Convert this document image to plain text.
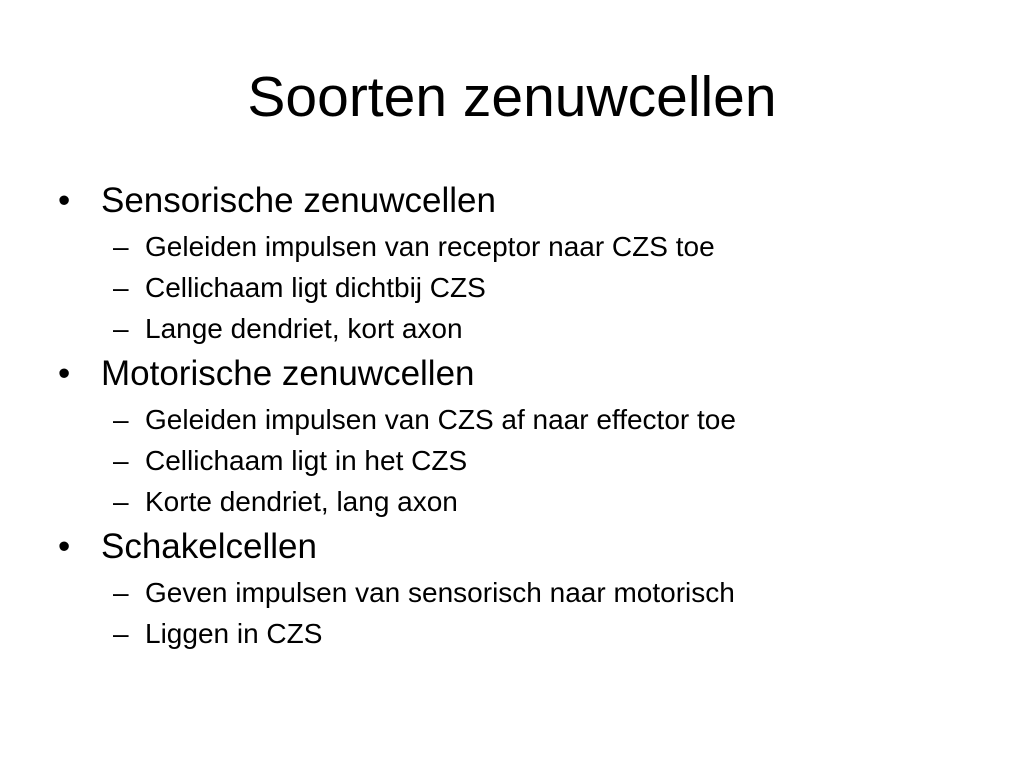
Soorten zenuwcellen
• Sensorische zenuwcellen
– Geleiden impulsen van receptor naar CZS toe
– Cellichaam ligt dichtbij CZS
– Lange dendriet, kort axon
• Motorische zenuwcellen
– Geleiden impulsen van CZS af naar effector toe
– Cellichaam ligt in het CZS
– Korte dendriet, lang axon
• Schakelcellen
– Geven impulsen van sensorisch naar motorisch
– Liggen in CZS
